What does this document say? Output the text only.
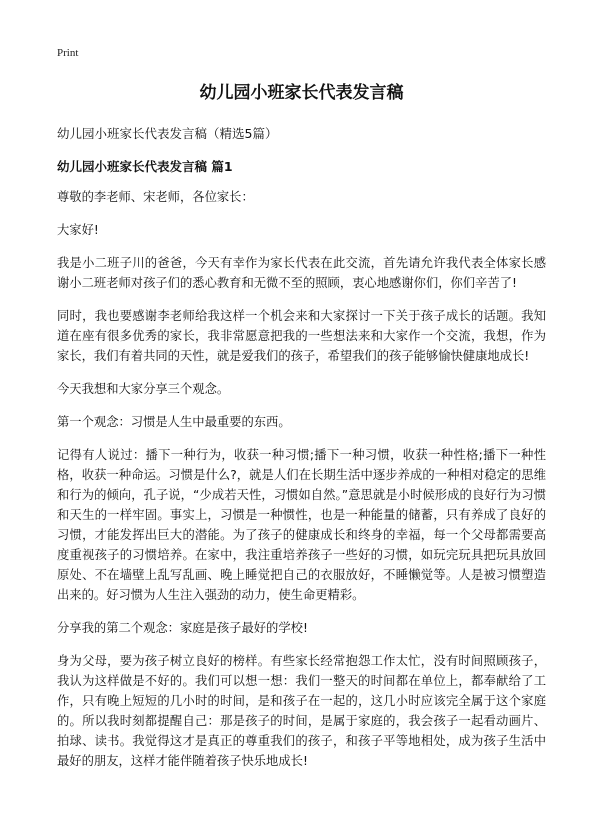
Print
幼儿园小班家长代表发言稿
幼儿园小班家长代表发言稿（精选5篇）
幼儿园小班家长代表发言稿 篇1

尊敬的李老师、宋老师，各位家长：

大家好!

我是小二班子川的爸爸，今天有幸作为家长代表在此交流，首先请允许我代表全体家长感谢小二班老师对孩子们的悉心教育和无微不至的照顾，衷心地感谢你们，你们辛苦了!

同时，我也要感谢李老师给我这样一个机会来和大家探讨一下关于孩子成长的话题。我知道在座有很多优秀的家长，我非常愿意把我的一些想法来和大家作一个交流，我想，作为家长，我们有着共同的天性，就是爱我们的孩子，希望我们的孩子能够愉快健康地成长!

今天我想和大家分享三个观念。

第一个观念：习惯是人生中最重要的东西。

记得有人说过：播下一种行为，收获一种习惯;播下一种习惯，收获一种性格;播下一种性格，收获一种命运。习惯是什么?，就是人们在长期生活中逐步养成的一种相对稳定的思维和行为的倾向，孔子说，“少成若天性，习惯如自然。”意思就是小时候形成的良好行为习惯和天生的一样牢固。事实上，习惯是一种惯性，也是一种能量的储蓄，只有养成了良好的习惯，才能发挥出巨大的潜能。为了孩子的健康成长和终身的幸福，每一个父母都需要高度重视孩子的习惯培养。在家中，我注重培养孩子一些好的习惯，如玩完玩具把玩具放回原处、不在墙壁上乱写乱画、晚上睡觉把自己的衣服放好，不睡懒觉等。人是被习惯塑造出来的。好习惯为人生注入强劲的动力，使生命更精彩。

分享我的第二个观念：家庭是孩子最好的学校!

身为父母，要为孩子树立良好的榜样。有些家长经常抱怨工作太忙，没有时间照顾孩子，我认为这样做是不好的。我们可以想一想：我们一整天的时间都在单位上，都奉献给了工作，只有晚上短短的几小时的时间，是和孩子在一起的，这几小时应该完全属于这个家庭的。所以我时刻都提醒自己：那是孩子的时间，是属于家庭的，我会孩子一起看动画片、拍球、读书。我觉得这才是真正的尊重我们的孩子，和孩子平等地相处，成为孩子生活中最好的朋友，这样才能伴随着孩子快乐地成长!
